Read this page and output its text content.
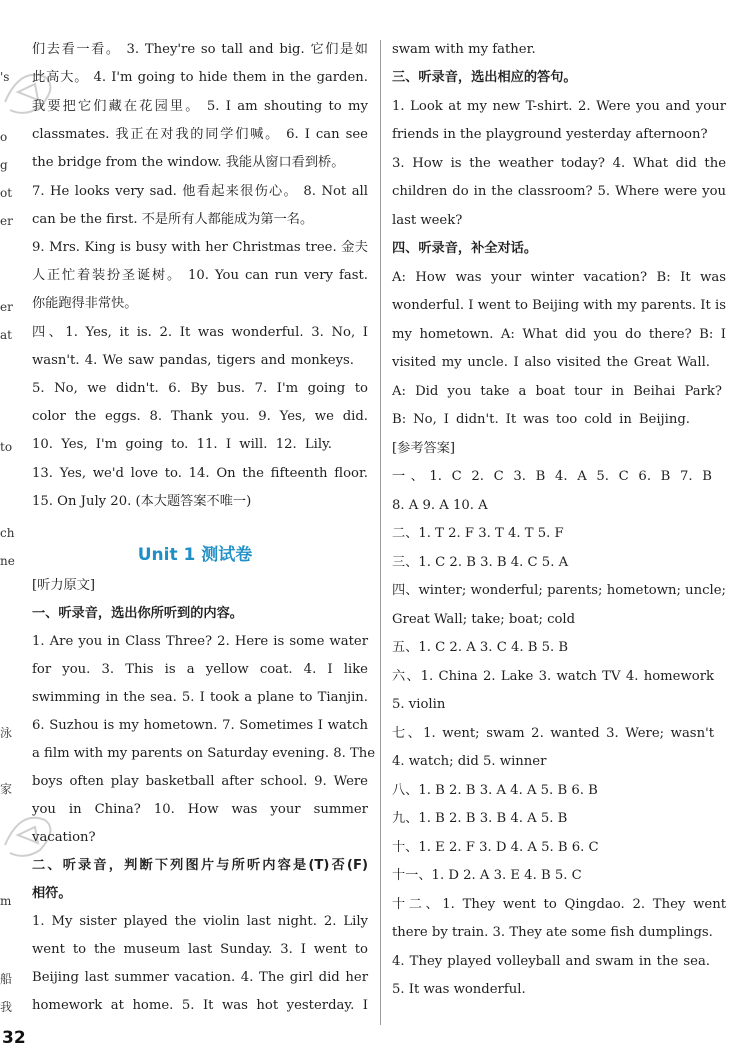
's
o
g
ot
er
er
at
to
ch
ne
泳
家
m
船
我
们去看一看。 3. They're so tall and big. 它们是如
此高大。 4. I'm going to hide them in the garden.
我要把它们藏在花园里。 5. I am shouting to my
classmates. 我正在对我的同学们喊。 6. I can see
the bridge from the window. 我能从窗口看到桥。
7. He looks very sad. 他看起来很伤心。 8. Not all
can be the first. 不是所有人都能成为第一名。
9. Mrs. King is busy with her Christmas tree. 金夫
人正忙着装扮圣诞树。 10. You can run very fast.
你能跑得非常快。
四、1. Yes, it is. 2. It was wonderful. 3. No, I
wasn't. 4. We saw pandas, tigers and monkeys.
5. No, we didn't. 6. By bus. 7. I'm going to
color the eggs. 8. Thank you. 9. Yes, we did.
10. Yes, I'm going to. 11. I will. 12. Lily.
13. Yes, we'd love to. 14. On the fifteenth floor.
15. On July 20. (本大题答案不唯一)
Unit 1 测试卷
[听力原文]
一、听录音，选出你所听到的内容。
1. Are you in Class Three? 2. Here is some water
for you. 3. This is a yellow coat. 4. I like
swimming in the sea. 5. I took a plane to Tianjin.
6. Suzhou is my hometown. 7. Sometimes I watch
a film with my parents on Saturday evening. 8. The
boys often play basketball after school. 9. Were
you in China? 10. How was your summer
vacation?
二、听录音，判断下列图片与所听内容是(T)否(F)
相符。
1. My sister played the violin last night. 2. Lily
went to the museum last Sunday. 3. I went to
Beijing last summer vacation. 4. The girl did her
homework at home. 5. It was hot yesterday. I
swam with my father.
三、听录音，选出相应的答句。
1. Look at my new T-shirt. 2. Were you and your
friends in the playground yesterday afternoon?
3. How is the weather today? 4. What did the
children do in the classroom? 5. Where were you
last week?
四、听录音，补全对话。
A: How was your winter vacation? B: It was
wonderful. I went to Beijing with my parents. It is
my hometown. A: What did you do there? B: I
visited my uncle. I also visited the Great Wall.
A: Did you take a boat tour in Beihai Park?
B: No, I didn't. It was too cold in Beijing.
[参考答案]
一、1. C 2. C 3. B 4. A 5. C 6. B 7. B
8. A 9. A 10. A
二、1. T 2. F 3. T 4. T 5. F
三、1. C 2. B 3. B 4. C 5. A
四、winter; wonderful; parents; hometown; uncle;
Great Wall; take; boat; cold
五、1. C 2. A 3. C 4. B 5. B
六、1. China 2. Lake 3. watch TV 4. homework
5. violin
七、1. went; swam 2. wanted 3. Were; wasn't
4. watch; did 5. winner
八、1. B 2. B 3. A 4. A 5. B 6. B
九、1. B 2. B 3. B 4. A 5. B
十、1. E 2. F 3. D 4. A 5. B 6. C
十一、1. D 2. A 3. E 4. B 5. C
十二、1. They went to Qingdao. 2. They went
there by train. 3. They ate some fish dumplings.
4. They played volleyball and swam in the sea.
5. It was wonderful.
32
